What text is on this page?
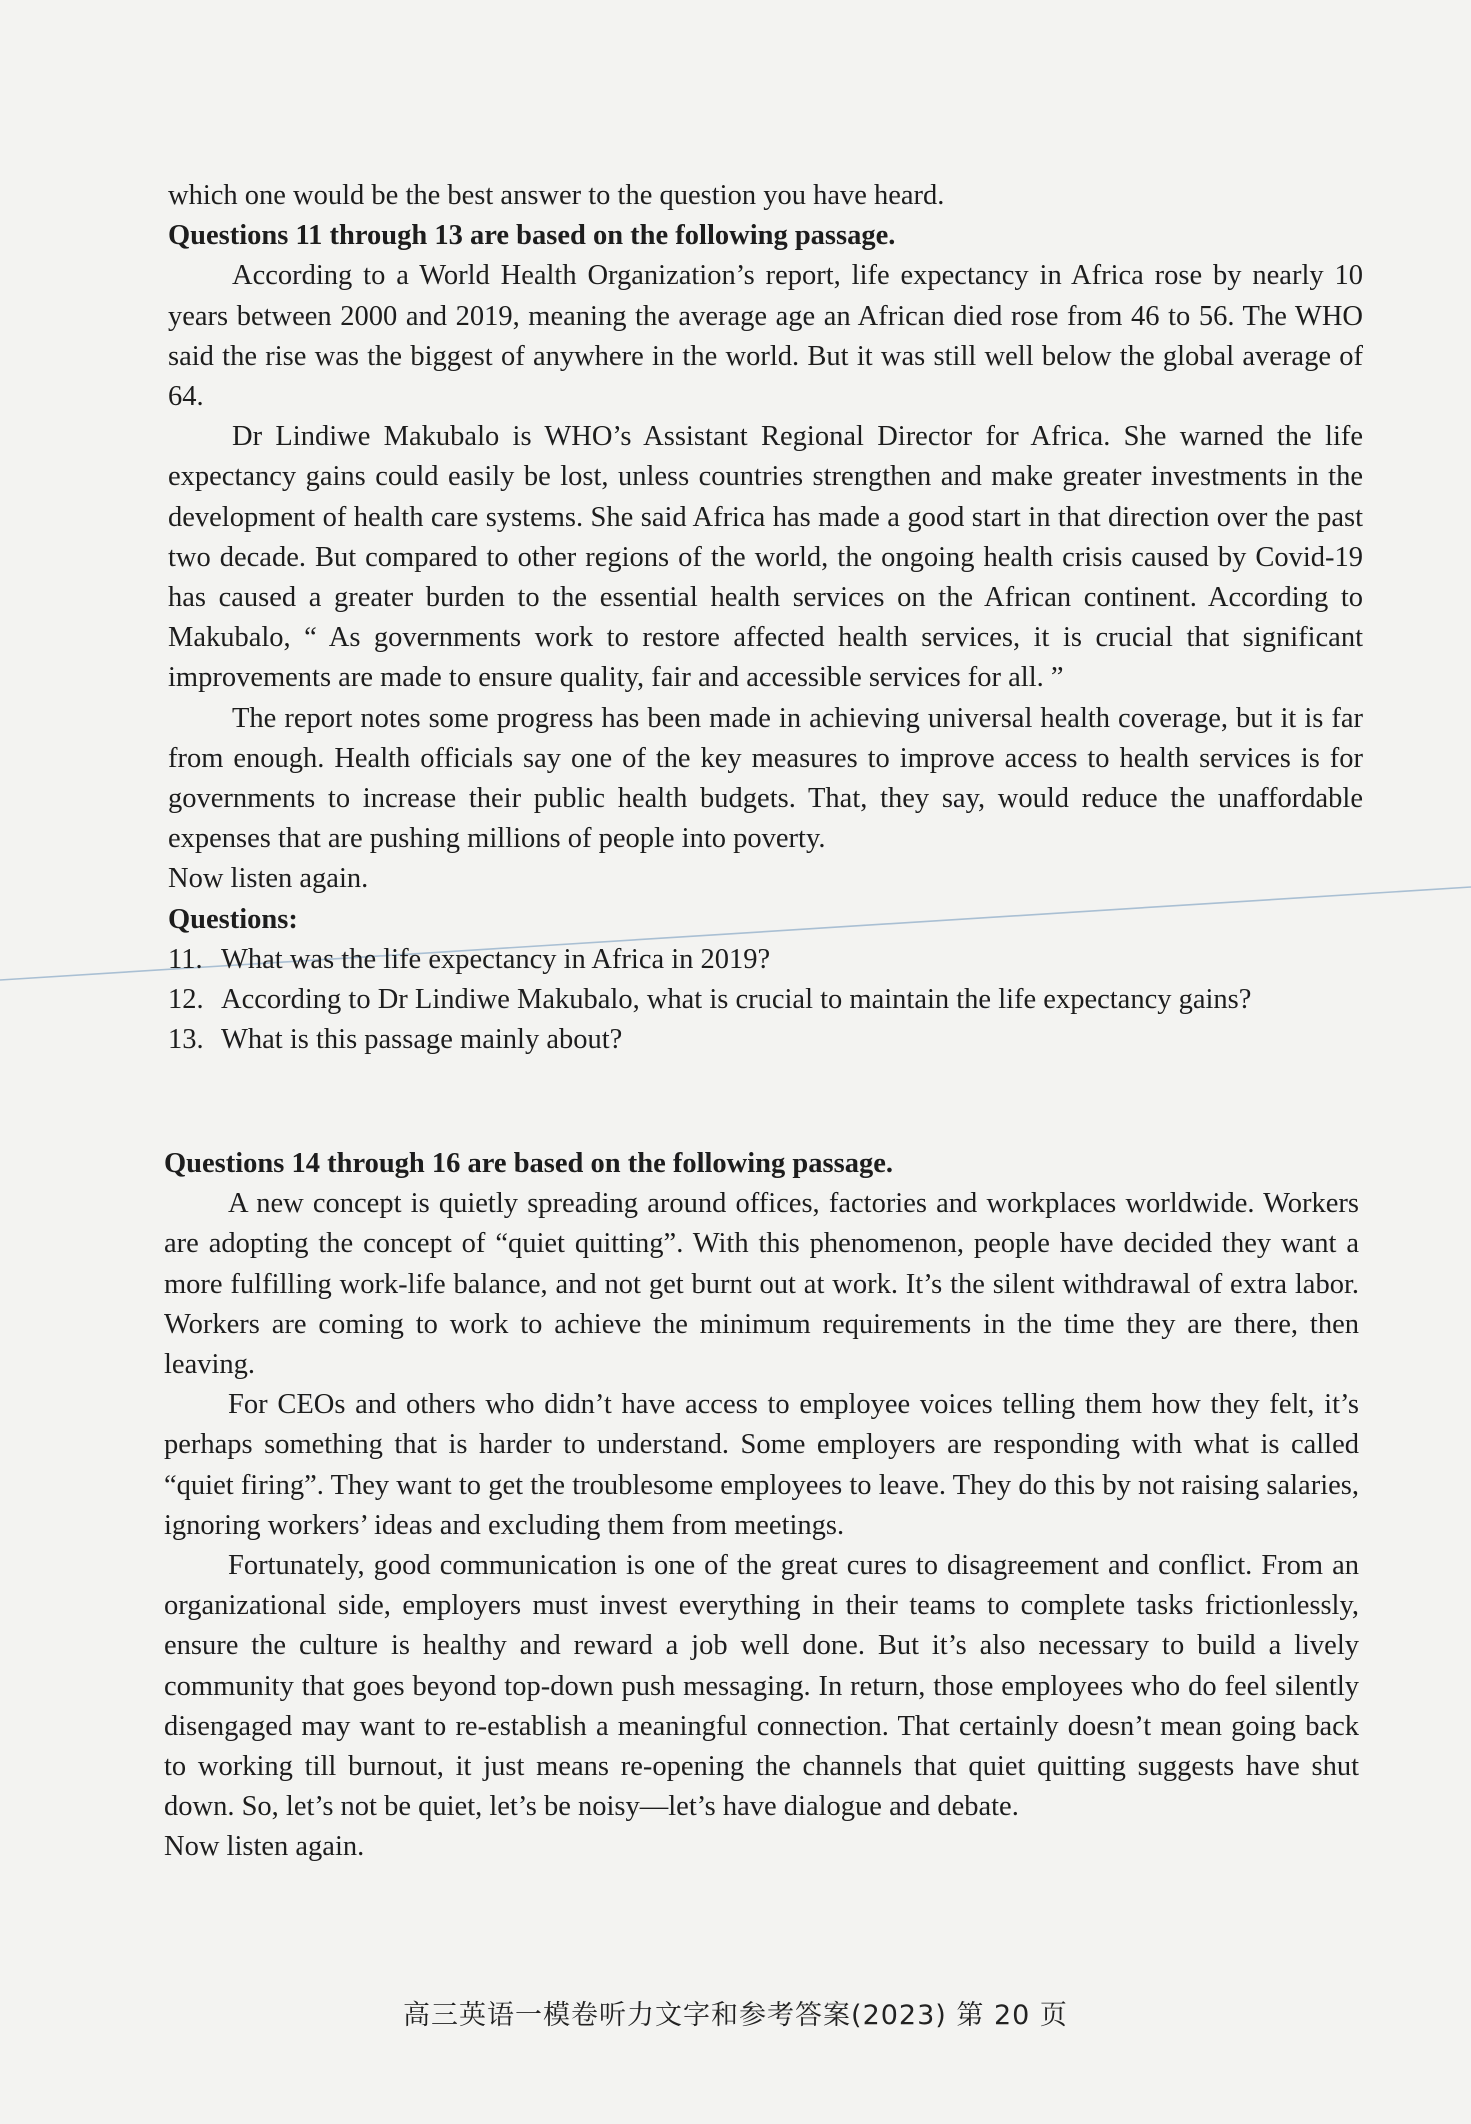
which one would be the best answer to the question you have heard.

Questions 11 through 13 are based on the following passage.

According to a World Health Organization’s report, life expectancy in Africa rose by nearly 10 years between 2000 and 2019, meaning the average age an African died rose from 46 to 56. The WHO said the rise was the biggest of anywhere in the world. But it was still well below the global average of 64.

Dr Lindiwe Makubalo is WHO’s Assistant Regional Director for Africa. She warned the life expectancy gains could easily be lost, unless countries strengthen and make greater investments in the development of health care systems. She said Africa has made a good start in that direction over the past two decade. But compared to other regions of the world, the ongoing health crisis caused by Covid-19 has caused a greater burden to the essential health services on the African continent. According to Makubalo, “ As governments work to restore affected health services, it is crucial that significant improvements are made to ensure quality, fair and accessible services for all. ”

The report notes some progress has been made in achieving universal health coverage, but it is far from enough. Health officials say one of the key measures to improve access to health services is for governments to increase their public health budgets. That, they say, would reduce the unaffordable expenses that are pushing millions of people into poverty.

Now listen again.

Questions:

11. What was the life expectancy in Africa in 2019?

12. According to Dr Lindiwe Makubalo, what is crucial to maintain the life expectancy gains?

13. What is this passage mainly about?

Questions 14 through 16 are based on the following passage.

A new concept is quietly spreading around offices, factories and workplaces worldwide. Workers are adopting the concept of “quiet quitting”. With this phenomenon, people have decided they want a more fulfilling work-life balance, and not get burnt out at work. It’s the silent withdrawal of extra labor. Workers are coming to work to achieve the minimum requirements in the time they are there, then leaving.

For CEOs and others who didn’t have access to employee voices telling them how they felt, it’s perhaps something that is harder to understand. Some employers are responding with what is called “quiet firing”. They want to get the troublesome employees to leave. They do this by not raising salaries, ignoring workers’ ideas and excluding them from meetings.

Fortunately, good communication is one of the great cures to disagreement and conflict. From an organizational side, employers must invest everything in their teams to complete tasks frictionlessly, ensure the culture is healthy and reward a job well done. But it’s also necessary to build a lively community that goes beyond top-down push messaging. In return, those employees who do feel silently disengaged may want to re-establish a meaningful connection. That certainly doesn’t mean going back to working till burnout, it just means re-opening the channels that quiet quitting suggests have shut down. So, let’s not be quiet, let’s be noisy—let’s have dialogue and debate.

Now listen again.

高三英语一模卷听力文字和参考答案(2023) 第 20 页
